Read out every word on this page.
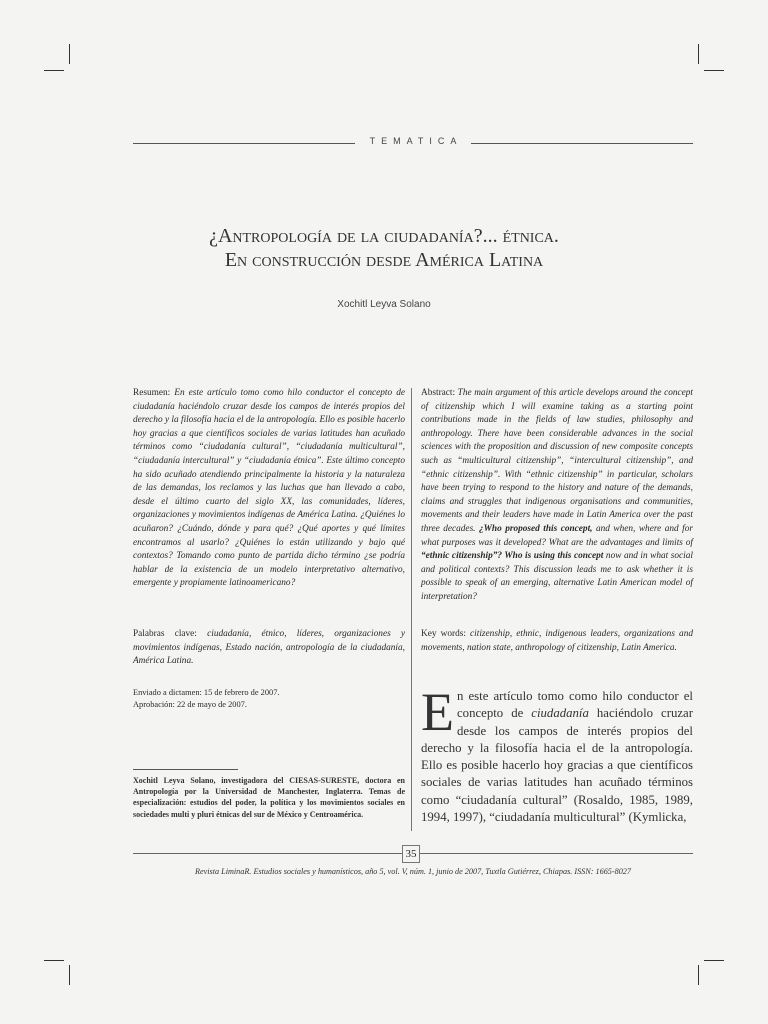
TEMATICA
¿Antropología de la ciudadanía?... étnica.
En construcción desde América Latina
Xochitl Leyva Solano
Resumen: En este artículo tomo como hilo conductor el concepto de ciudadanía haciéndolo cruzar desde los campos de interés propios del derecho y la filosofía hacia el de la antropología. Ello es posible hacerlo hoy gracias a que científicos sociales de varias latitudes han acuñado términos como “ciudadanía cultural”, “ciudadanía multicultural”, “ciudadanía intercultural” y “ciudadanía étnica”. Este último concepto ha sido acuñado atendiendo principalmente la historia y la naturaleza de las demandas, los reclamos y las luchas que han llevado a cabo, desde el último cuarto del siglo XX, las comunidades, líderes, organizaciones y movimientos indígenas de América Latina. ¿Quiénes lo acuñaron? ¿Cuándo, dónde y para qué? ¿Qué aportes y qué límites encontramos al usarlo? ¿Quiénes lo están utilizando y bajo qué contextos? Tomando como punto de partida dicho término ¿se podría hablar de la existencia de un modelo interpretativo alternativo, emergente y propiamente latinoamericano?
Palabras clave: ciudadanía, étnico, líderes, organizaciones y movimientos indígenas, Estado nación, antropología de la ciudadanía, América Latina.
Enviado a dictamen: 15 de febrero de 2007.
Aprobación: 22 de mayo de 2007.
Abstract: The main argument of this article develops around the concept of citizenship which I will examine taking as a starting point contributions made in the fields of law studies, philosophy and anthropology. There have been considerable advances in the social sciences with the proposition and discussion of new composite concepts such as “multicultural citizenship”, “intercultural citizenship”, and “ethnic citizenship”. With “ethnic citizenship” in particular, scholars have been trying to respond to the history and nature of the demands, claims and struggles that indigenous organisations and communities, movements and their leaders have made in Latin America over the past three decades. ¿Who proposed this concept, and when, where and for what purposes was it developed? What are the advantages and limits of “ethnic citizenship”? Who is using this concept now and in what social and political contexts? This discussion leads me to ask whether it is possible to speak of an emerging, alternative Latin American model of interpretation?
Key words: citizenship, ethnic, indigenous leaders, organizations and movements, nation state, anthropology of citizenship, Latin America.
En este artículo tomo como hilo conductor el concepto de ciudadanía haciéndolo cruzar desde los campos de interés propios del derecho y la filosofía hacia el de la antropología. Ello es posible hacerlo hoy gracias a que científicos sociales de varias latitudes han acuñado términos como “ciudadanía cultural” (Rosaldo, 1985, 1989, 1994, 1997), “ciudadanía multicultural” (Kymlicka,
Xochitl Leyva Solano, investigadora del CIESAS-SURESTE, doctora en Antropología por la Universidad de Manchester, Inglaterra. Temas de especialización: estudios del poder, la política y los movimientos sociales en sociedades multi y pluri étnicas del sur de México y Centroamérica.
35
Revista LiminaR. Estudios sociales y humanísticos, año 5, vol. V, núm. 1, junio de 2007, Tuxtla Gutiérrez, Chiapas. ISSN: 1665-8027
